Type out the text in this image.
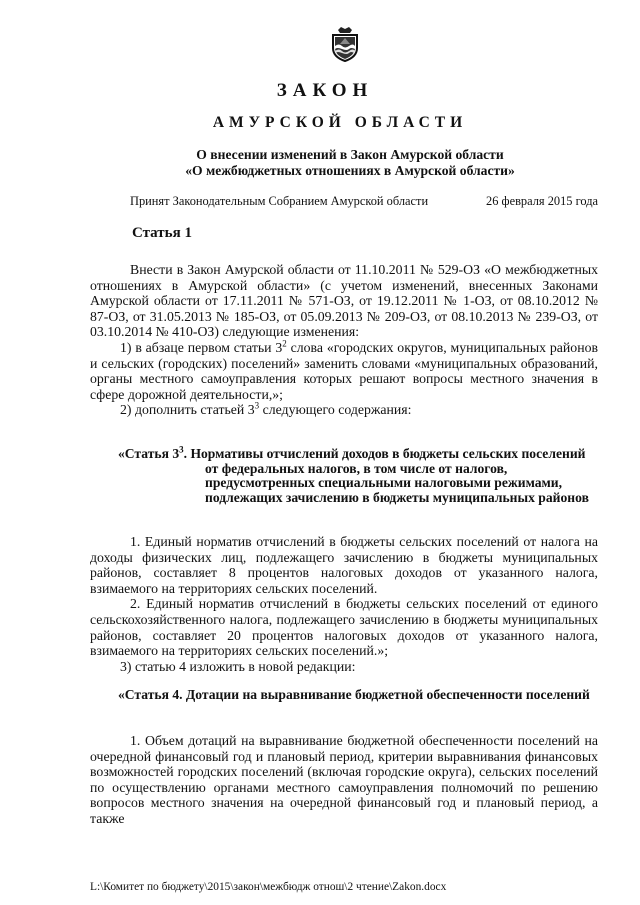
ЗАКОН
АМУРСКОЙ ОБЛАСТИ
О внесении изменений в Закон Амурской области
«О межбюджетных отношениях в Амурской области»
Принят Законодательным Собранием Амурской области	26 февраля 2015 года
Статья 1

Внести в Закон Амурской области от 11.10.2011 № 529-ОЗ «О межбюджетных отношениях в Амурской области» (с учетом изменений, внесенных Законами Амурской области от 17.11.2011 № 571-ОЗ, от 19.12.2011 № 1-ОЗ, от 08.10.2012 № 87-ОЗ, от 31.05.2013 № 185-ОЗ, от 05.09.2013 № 209-ОЗ, от 08.10.2013 № 239-ОЗ, от 03.10.2014 № 410-ОЗ) следующие изменения:

1) в абзаце первом статьи $3^2$ слова «городских округов, муниципальных районов и сельских (городских) поселений» заменить словами «муниципальных образований, органы местного самоуправления которых решают вопросы местного значения в сфере дорожной деятельности,»;

2) дополнить статьей $3^3$ следующего содержания:

«Статья $3^3$. Нормативы отчислений доходов в бюджеты сельских поселений от федеральных налогов, в том числе от налогов, предусмотренных специальными налоговыми режимами, подлежащих зачислению в бюджеты муниципальных районов

1. Единый норматив отчислений в бюджеты сельских поселений от налога на доходы физических лиц, подлежащего зачислению в бюджеты муниципальных районов, составляет 8 процентов налоговых доходов от указанного налога, взимаемого на территориях сельских поселений.

2. Единый норматив отчислений в бюджеты сельских поселений от единого сельскохозяйственного налога, подлежащего зачислению в бюджеты муниципальных районов, составляет 20 процентов налоговых доходов от указанного налога, взимаемого на территориях сельских поселений.»;

3) статью 4 изложить в новой редакции:

«Статья 4. Дотации на выравнивание бюджетной обеспеченности поселений

1. Объем дотаций на выравнивание бюджетной обеспеченности поселений на очередной финансовый год и плановый период, критерии выравнивания финансовых возможностей городских поселений (включая городские округа), сельских поселений по осуществлению органами местного самоуправления полномочий по решению вопросов местного значения на очередной финансовый год и плановый период, а также

L:\Комитет по бюджету\2015\закон\межбюдж отнош\2 чтение\Zakon.docx
